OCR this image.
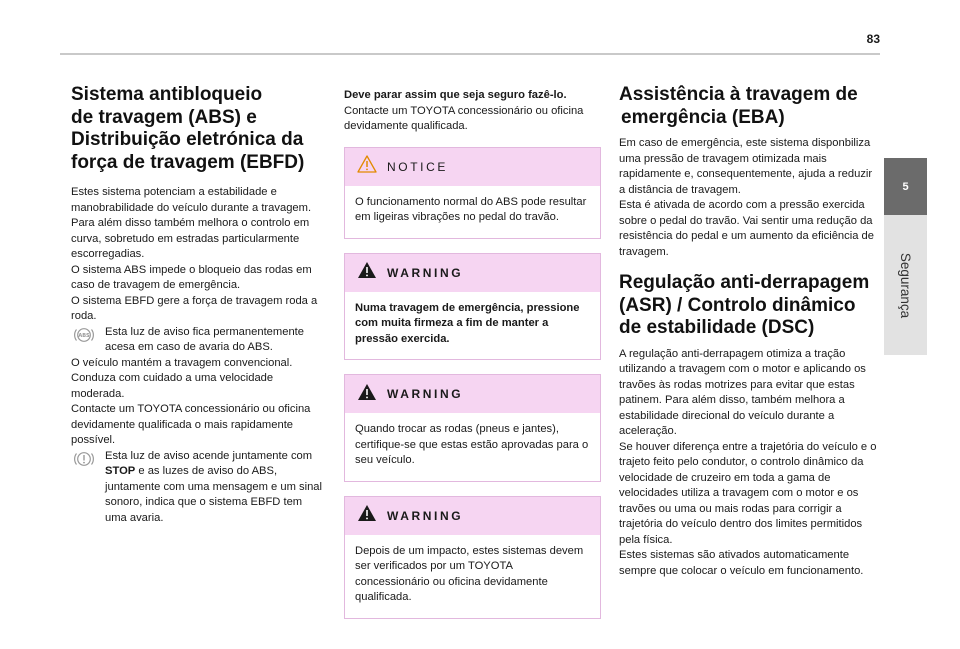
83
5
Segurança
Sistema antibloqueio
de travagem (ABS) e
Distribuição eletrónica da
força de travagem (EBFD)

Estes sistema potenciam a estabilidade e manobrabilidade do veículo durante a travagem.

Para além disso também melhora o controlo em curva, sobretudo em estradas particularmente escorregadias.

O sistema ABS impede o bloqueio das rodas em caso de travagem de emergência.

O sistema EBFD gere a força de travagem roda a roda.

ABS Esta luz de aviso fica permanentemente acesa em caso de avaria do ABS.

O veículo mantém a travagem convencional. Conduza com cuidado a uma velocidade moderada.

Contacte um TOYOTA concessionário ou oficina devidamente qualificada o mais rapidamente possível.

Esta luz de aviso acende juntamente com STOP e as luzes de aviso do ABS, juntamente com uma mensagem e um sinal sonoro, indica que o sistema EBFD tem uma avaria.

Deve parar assim que seja seguro fazê-lo.

Contacte um TOYOTA concessionário ou oficina devidamente qualificada.

NOTICE
O funcionamento normal do ABS pode resultar em ligeiras vibrações no pedal do travão.
WARNING
Numa travagem de emergência, pressione com muita firmeza a fim de manter a pressão exercida.
WARNING
Quando trocar as rodas (pneus e jantes), certifique-se que estas estão aprovadas para o seu veículo.
WARNING
Depois de um impacto, estes sistemas devem ser verificados por um TOYOTA concessionário ou oficina devidamente qualificada.
Assistência à travagem de
emergência (EBA)

Em caso de emergência, este sistema disponbiliza uma pressão de travagem otimizada mais rapidamente e, consequentemente, ajuda a reduzir a distância de travagem.

Esta é ativada de acordo com a pressão exercida sobre o pedal do travão. Vai sentir uma redução da resistência do pedal e um aumento da eficiência de travagem.

Regulação anti-derrapagem
(ASR) / Controlo dinâmico
de estabilidade (DSC)

A regulação anti-derrapagem otimiza a tração utilizando a travagem com o motor e aplicando os travões às rodas motrizes para evitar que estas patinem. Para além disso, também melhora a estabilidade direcional do veículo durante a aceleração.

Se houver diferença entre a trajetória do veículo e o trajeto feito pelo condutor, o controlo dinâmico da velocidade de cruzeiro em toda a gama de velocidades utiliza a travagem com o motor e os travões ou uma ou mais rodas para corrigir a trajetória do veículo dentro dos limites permitidos pela física.

Estes sistemas são ativados automaticamente sempre que colocar o veículo em funcionamento.
